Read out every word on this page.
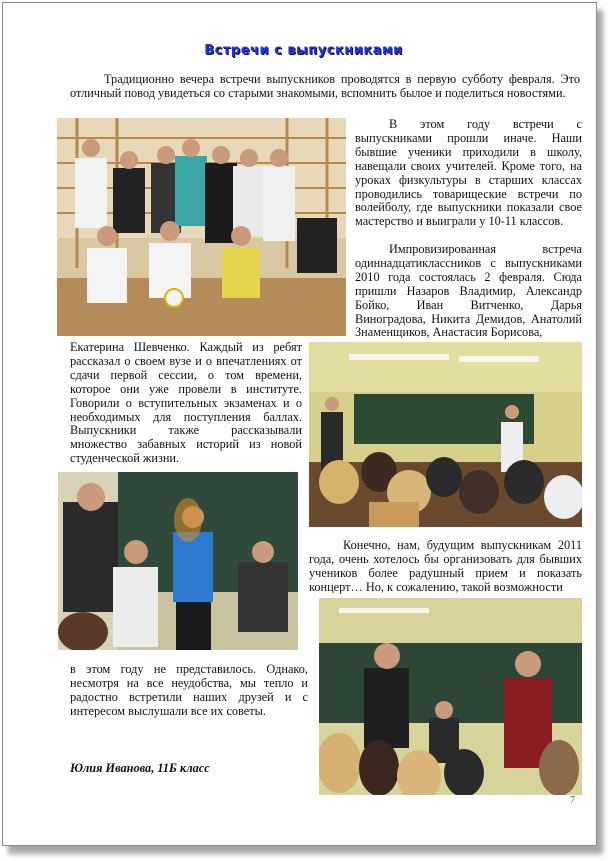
Встречи с выпускниками

Традиционно вечера встречи выпускников проводятся в первую субботу февраля. Это отличный повод увидеться со старыми знакомыми, вспомнить былое и поделиться новостями.

В этом году встречи с выпускниками прошли иначе. Наши бывшие ученики приходили в школу, навещали своих учителей. Кроме того, на уроках физкультуры в старших классах проводились товарищеские встречи по волейболу, где выпускники показали свое мастерство и выиграли у 10-11 классов.

Импровизированная встреча одиннадцатиклассников с выпускниками 2010 года состоялась 2 февраля. Сюда пришли Назаров Владимир, Александр Бойко, Иван Витченко, Дарья Виноградова, Никита Демидов, Анатолий Знаменщиков, Анастасия Борисова,

Екатерина Шевченко. Каждый из ребят рассказал о своем вузе и о впечатлениях от сдачи первой сессии, о том времени, которое они уже провели в институте. Говорили о вступительных экзаменах и о необходимых для поступления баллах. Выпускники также рассказывали множество забавных историй из новой студенческой жизни.

Конечно, нам, будущим выпускникам 2011 года, очень хотелось бы организовать для бывших учеников более радушный прием и показать концерт… Но, к сожалению, такой возможности

в этом году не представилось. Однако, несмотря на все неудобства, мы тепло и радостно встретили наших друзей и с интересом выслушали все их советы.

Юлия Иванова, 11Б класс
7
